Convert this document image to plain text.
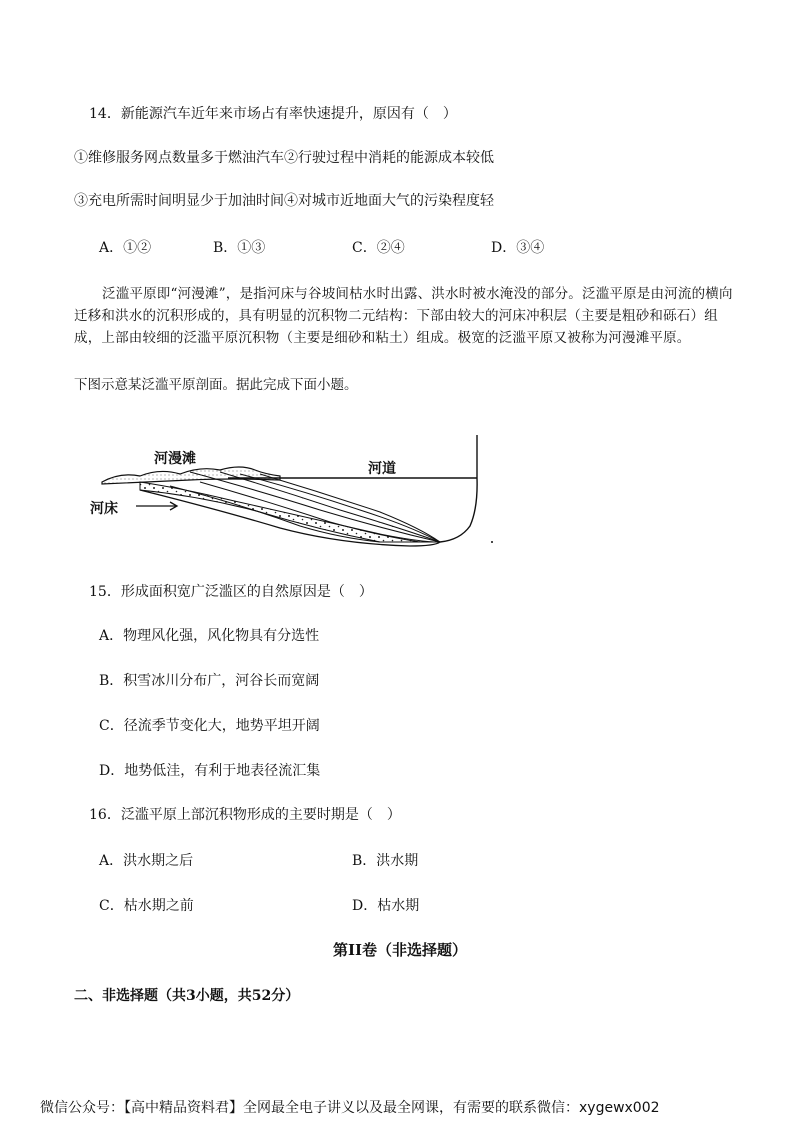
14．新能源汽车近年来市场占有率快速提升，原因有（　）
①维修服务网点数量多于燃油汽车②行驶过程中消耗的能源成本较低
③充电所需时间明显少于加油时间④对城市近地面大气的污染程度轻
A．①②	B．①③	C．②④	D．③④
泛滥平原即“河漫滩”，是指河床与谷坡间枯水时出露、洪水时被水淹没的部分。泛滥平原是由河流的横向迁移和洪水的沉积形成的，具有明显的沉积物二元结构：下部由较大的河床冲积层（主要是粗砂和砾石）组成，上部由较细的泛滥平原沉积物（主要是细砂和粘土）组成。极宽的泛滥平原又被称为河漫滩平原。
下图示意某泛滥平原剖面。据此完成下面小题。
河漫滩
河道
河床
15．形成面积宽广泛滥区的自然原因是（　）
A．物理风化强，风化物具有分选性
B．积雪冰川分布广，河谷长而宽阔
C．径流季节变化大，地势平坦开阔
D．地势低洼，有利于地表径流汇集
16．泛滥平原上部沉积物形成的主要时期是（　）
A．洪水期之后	B．洪水期
C．枯水期之前	D．枯水期
第II卷（非选择题）
二、非选择题（共3小题，共52分）
微信公众号：【高中精品资料君】全网最全电子讲义以及最全网课，有需要的联系微信：xygewx002
